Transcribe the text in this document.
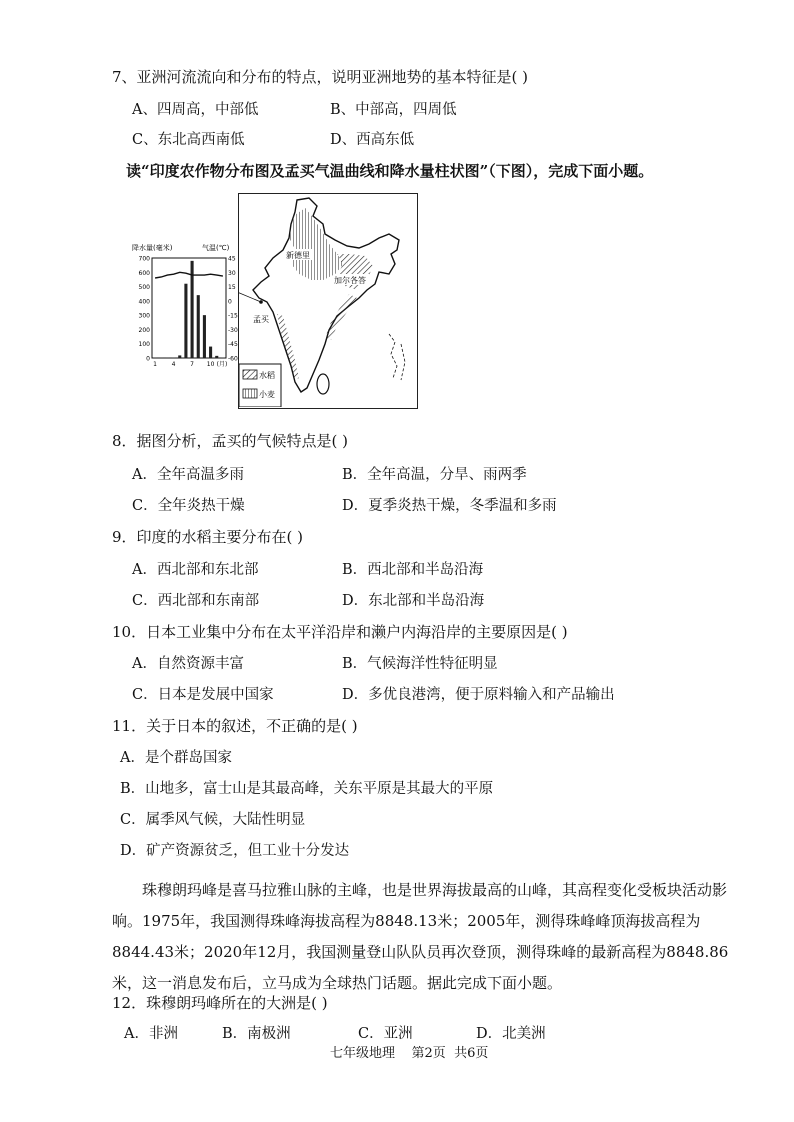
7、亚洲河流流向和分布的特点，说明亚洲地势的基本特征是( )
A、四周高，中部低	B、中部高，四周低
C、东北高西南低	D、西高东低
读“印度农作物分布图及孟买气温曲线和降水量柱状图”（下图），完成下面小题。
降水量(毫米)	气温(℃)
700
600
500
400
300
200
100
0
45
30
15
0
-15
-30
-45
-60
1 4 7 10 (月)
孟买
新德里
加尔各答
水稻
小麦
8．据图分析，孟买的气候特点是( )
A．全年高温多雨	B．全年高温，分旱、雨两季
C．全年炎热干燥	D．夏季炎热干燥，冬季温和多雨
9．印度的水稻主要分布在( )
A．西北部和东北部	B．西北部和半岛沿海
C．西北部和东南部	D．东北部和半岛沿海
10．日本工业集中分布在太平洋沿岸和濑户内海沿岸的主要原因是( )
A．自然资源丰富	B．气候海洋性特征明显
C．日本是发展中国家	D．多优良港湾，便于原料输入和产品输出
11．关于日本的叙述，不正确的是( )
A．是个群岛国家
B．山地多，富士山是其最高峰，关东平原是其最大的平原
C．属季风气候，大陆性明显
D．矿产资源贫乏，但工业十分发达
珠穆朗玛峰是喜马拉雅山脉的主峰，也是世界海拔最高的山峰，其高程变化受板块活动影响。1975年，我国测得珠峰海拔高程为8848.13米；2005年，测得珠峰峰顶海拔高程为8844.43米；2020年12月，我国测量登山队队员再次登顶，测得珠峰的最新高程为8848.86米，这一消息发布后，立马成为全球热门话题。据此完成下面小题。
12．珠穆朗玛峰所在的大洲是( )
A．非洲	B．南极洲	C．亚洲	D．北美洲
七年级地理    第2页  共6页
